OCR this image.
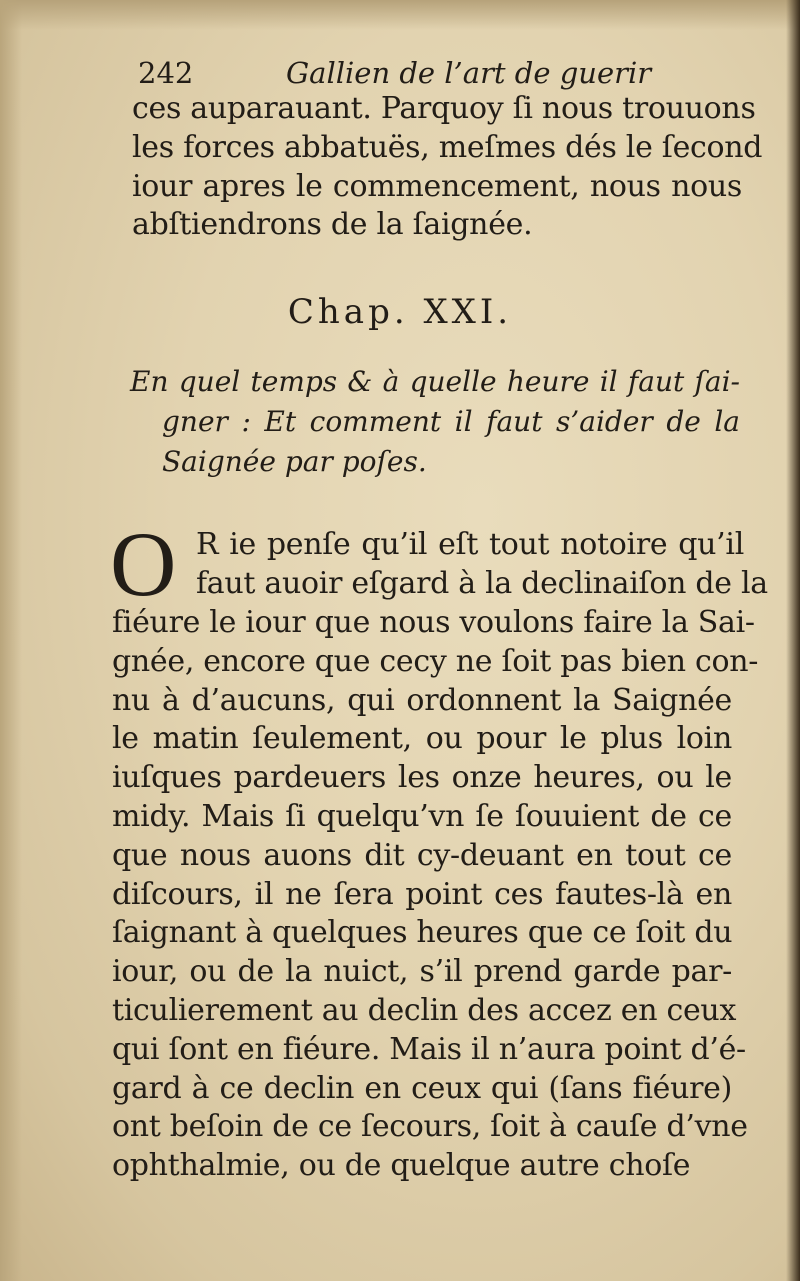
242	Gallien de l’art de guerir
ces auparauant. Parquoy ſi nous trouuons
les forces abbatuës, meſmes dés le ſecond
iour apres le commencement, nous nous
abſtiendrons de la ſaignée.
Chap. XXI.
En quel temps & à quelle heure il faut ſai-
gner : Et comment il faut s’aider de la
Saignée par poſes.
O R ie penſe qu’il eſt tout notoire qu’il
faut auoir eſgard à la declinaiſon de la
fiéure le iour que nous voulons faire la Sai-
gnée, encore que cecy ne ſoit pas bien con-
nu à d’aucuns, qui ordonnent la Saignée
le matin ſeulement, ou pour le plus loin
iuſques pardeuers les onze heures, ou le
midy. Mais ſi quelqu’vn ſe ſouuient de ce
que nous auons dit cy-deuant en tout ce
diſcours, il ne ſera point ces fautes-là en
ſaignant à quelques heures que ce ſoit du
iour, ou de la nuict, s’il prend garde par-
ticulierement au declin des accez en ceux
qui ſont en fiéure. Mais il n’aura point d’é-
gard à ce declin en ceux qui (ſans fiéure)
ont beſoin de ce ſecours, ſoit à cauſe d’vne
ophthalmie, ou de quelque autre choſe
